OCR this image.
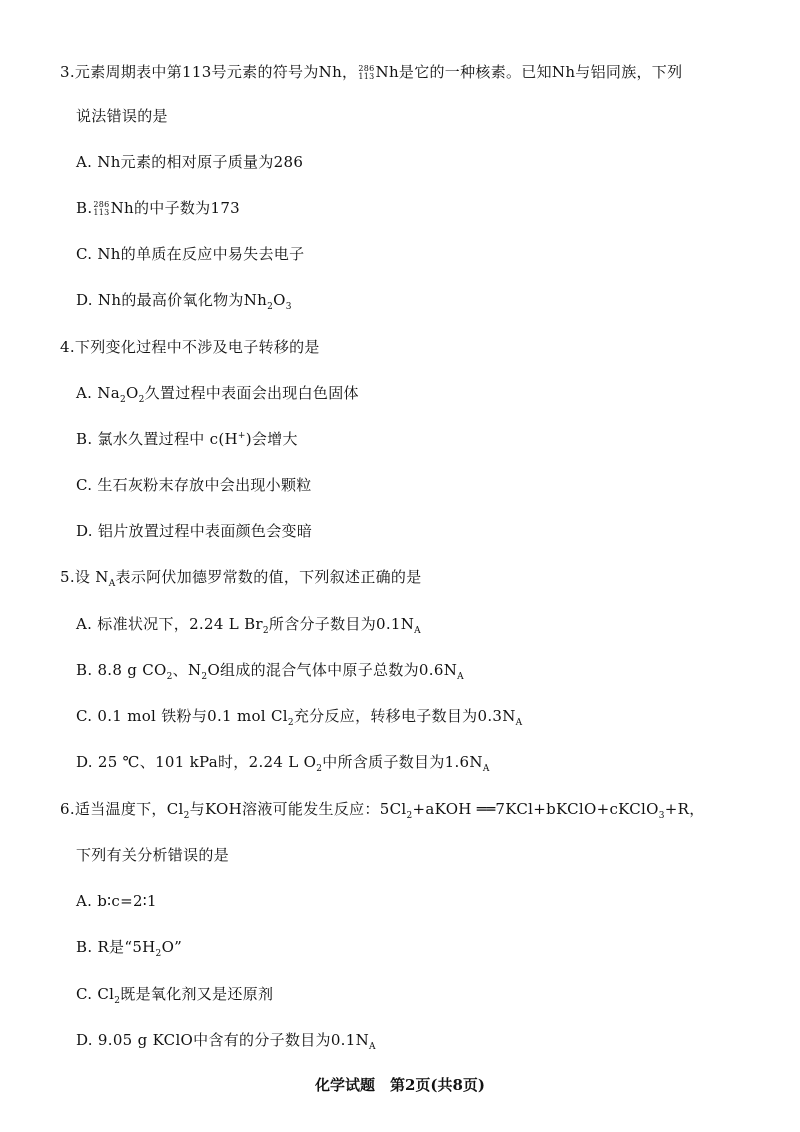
3.元素周期表中第113号元素的符号为Nh， 286
113 Nh是它的一种核素。已知Nh与铝同族，下列
说法错误的是
A. Nh元素的相对原子质量为286
B. 286
113 Nh的中子数为173
C. Nh的单质在反应中易失去电子
D. Nh的最高价氧化物为$Nh_2O_3$
4.下列变化过程中不涉及电子转移的是
A. $Na_2O_2$久置过程中表面会出现白色固体
B. 氯水久置过程中 c(H+)会增大
C. 生石灰粉末存放中会出现小颗粒
D. 铝片放置过程中表面颜色会变暗
5.设 $N_A$表示阿伏加德罗常数的值，下列叙述正确的是
A. 标准状况下，2.24 L $Br_2$所含分子数目为$0.1N_A$
B. 8.8 g $CO_2$、$N_2O$组成的混合气体中原子总数为$0.6N_A$
C. 0.1 mol 铁粉与0.1 mol $Cl_2$充分反应，转移电子数目为$0.3N_A$
D. 25 ℃、101 kPa时，2.24 L $O_2$中所含质子数目为$1.6N_A$
6.适当温度下，$Cl_2$与KOH溶液可能发生反应：$5Cl_2+aKOH$ ══7KCl+bKClO+cKClO$_3$+R，
下列有关分析错误的是
A. b∶c=2∶1
B. R是“$5H_2O$”
C. $Cl_2$既是氧化剂又是还原剂
D. 9.05 g KClO中含有的分子数目为$0.1N_A$
化学试题　第2页(共8页)
